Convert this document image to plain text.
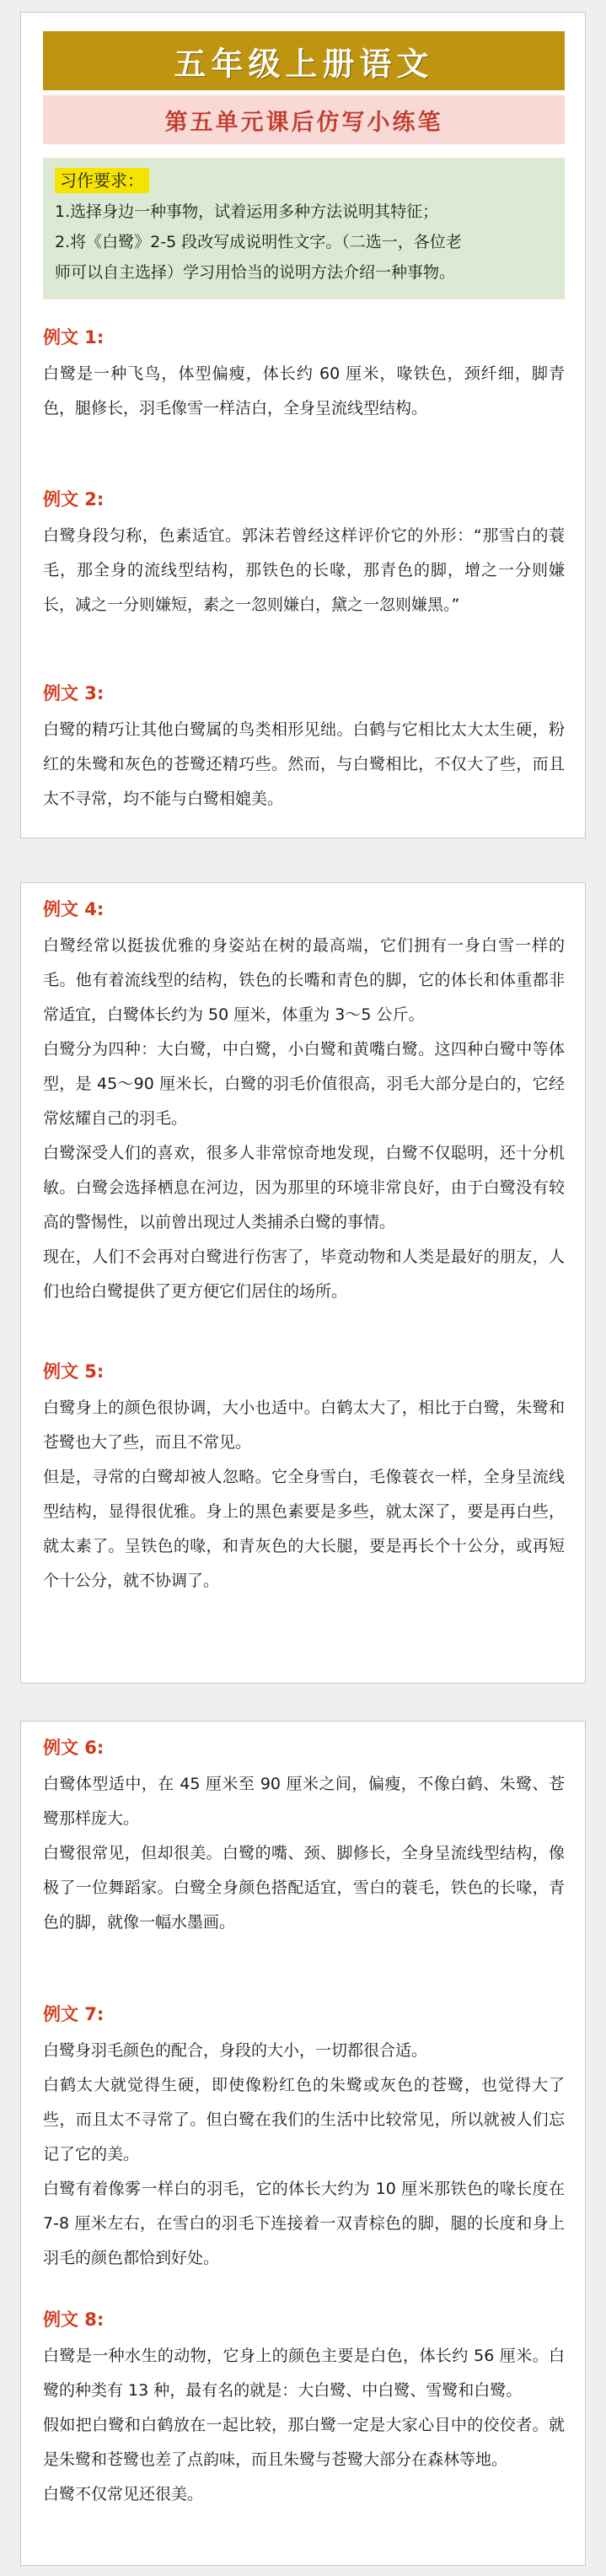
五年级上册语文
第五单元课后仿写小练笔
习作要求：
1.选择身边一种事物，试着运用多种方法说明其特征；
2.将《白鹭》2-5 段改写成说明性文字。（二选一，各位老
师可以自主选择）学习用恰当的说明方法介绍一种事物。
例文 1:

白鹭是一种飞鸟，体型偏瘦，体长约 60 厘米，喙铁色，颈纤细，脚青色，腿修长，羽毛像雪一样洁白，全身呈流线型结构。

例文 2:

白鹭身段匀称，色素适宜。郭沫若曾经这样评价它的外形：“那雪白的蓑毛，那全身的流线型结构，那铁色的长喙，那青色的脚，增之一分则嫌长，减之一分则嫌短，素之一忽则嫌白，黛之一忽则嫌黑。”

例文 3:

白鹭的精巧让其他白鹭属的鸟类相形见绌。白鹤与它相比太大太生硬，粉红的朱鹭和灰色的苍鹭还精巧些。然而，与白鹭相比，不仅大了些，而且太不寻常，均不能与白鹭相媲美。

例文 4:

白鹭经常以挺拔优雅的身姿站在树的最高端，它们拥有一身白雪一样的毛。他有着流线型的结构，铁色的长嘴和青色的脚，它的体长和体重都非常适宜，白鹭体长约为 50 厘米，体重为 3～5 公斤。

白鹭分为四种：大白鹭，中白鹭，小白鹭和黄嘴白鹭。这四种白鹭中等体型，是 45～90 厘米长，白鹭的羽毛价值很高，羽毛大部分是白的，它经常炫耀自己的羽毛。

白鹭深受人们的喜欢，很多人非常惊奇地发现，白鹭不仅聪明，还十分机敏。白鹭会选择栖息在河边，因为那里的环境非常良好，由于白鹭没有较高的警惕性，以前曾出现过人类捕杀白鹭的事情。

现在，人们不会再对白鹭进行伤害了，毕竟动物和人类是最好的朋友，人们也给白鹭提供了更方便它们居住的场所。

例文 5:

白鹭身上的颜色很协调，大小也适中。白鹤太大了，相比于白鹭，朱鹭和苍鹭也大了些，而且不常见。

但是，寻常的白鹭却被人忽略。它全身雪白，毛像蓑衣一样，全身呈流线型结构，显得很优雅。身上的黑色素要是多些，就太深了，要是再白些，就太素了。呈铁色的喙，和青灰色的大长腿，要是再长个十公分，或再短个十公分，就不协调了。

例文 6:

白鹭体型适中，在 45 厘米至 90 厘米之间，偏瘦，不像白鹤、朱鹭、苍鹭那样庞大。

白鹭很常见，但却很美。白鹭的嘴、颈、脚修长，全身呈流线型结构，像极了一位舞蹈家。白鹭全身颜色搭配适宜，雪白的蓑毛，铁色的长喙，青色的脚，就像一幅水墨画。

例文 7:

白鹭身羽毛颜色的配合，身段的大小，一切都很合适。

白鹤太大就觉得生硬，即使像粉红色的朱鹭或灰色的苍鹭，也觉得大了些，而且太不寻常了。但白鹭在我们的生活中比较常见，所以就被人们忘记了它的美。

白鹭有着像雾一样白的羽毛，它的体长大约为 10 厘米那铁色的喙长度在 7-8 厘米左右，在雪白的羽毛下连接着一双青棕色的脚，腿的长度和身上羽毛的颜色都恰到好处。

例文 8:

白鹭是一种水生的动物，它身上的颜色主要是白色，体长约 56 厘米。白鹭的种类有 13 种，最有名的就是：大白鹭、中白鹭、雪鹭和白鹭。

假如把白鹭和白鹤放在一起比较，那白鹭一定是大家心目中的佼佼者。就是朱鹭和苍鹭也差了点韵味，而且朱鹭与苍鹭大部分在森林等地。

白鹭不仅常见还很美。
